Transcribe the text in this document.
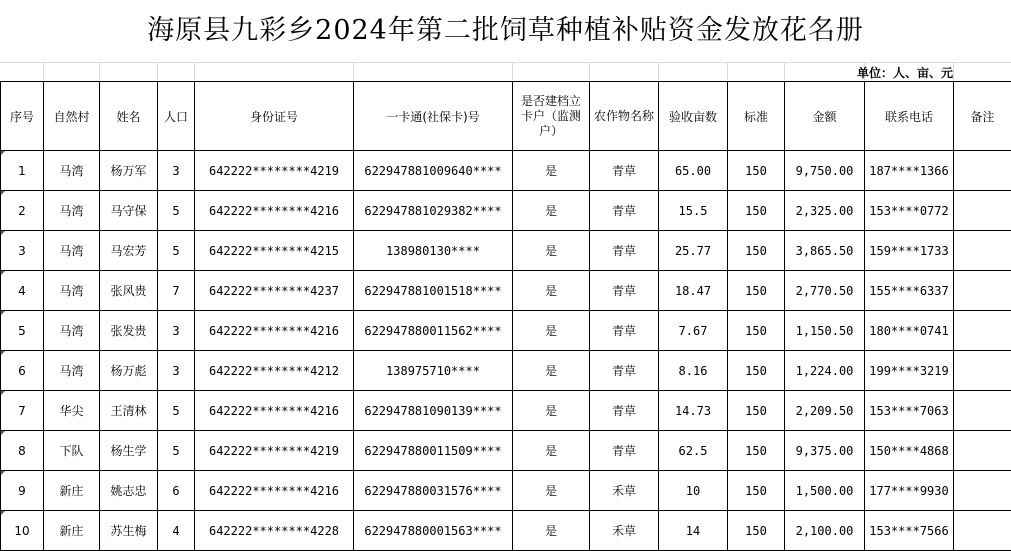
海原县九彩乡2024年第二批饲草种植补贴资金发放花名册
单位：人、亩、元
序号	自然村	姓名	人口	身份证号	一卡通(社保卡)号	是否建档立卡户（监测户）	农作物名称	验收亩数	标准	金额	联系电话	备注
1	马湾	杨万军	3	642222********4219	622947881009640****	是	青草	65.00	150	9,750.00	187****1366	
2	马湾	马守保	5	642222********4216	622947881029382****	是	青草	15.5	150	2,325.00	153****0772	
3	马湾	马宏芳	5	642222********4215	138980130****	是	青草	25.77	150	3,865.50	159****1733	
4	马湾	张风贵	7	642222********4237	622947881001518****	是	青草	18.47	150	2,770.50	155****6337	
5	马湾	张发贵	3	642222********4216	622947880011562****	是	青草	7.67	150	1,150.50	180****0741	
6	马湾	杨万彪	3	642222********4212	138975710****	是	青草	8.16	150	1,224.00	199****3219	
7	华尖	王清林	5	642222********4216	622947881090139****	是	青草	14.73	150	2,209.50	153****7063	
8	下队	杨生学	5	642222********4219	622947880011509****	是	青草	62.5	150	9,375.00	150****4868	
9	新庄	姚志忠	6	642222********4216	622947880031576****	是	禾草	10	150	1,500.00	177****9930	
10	新庄	苏生梅	4	642222********4228	622947880001563****	是	禾草	14	150	2,100.00	153****7566	
